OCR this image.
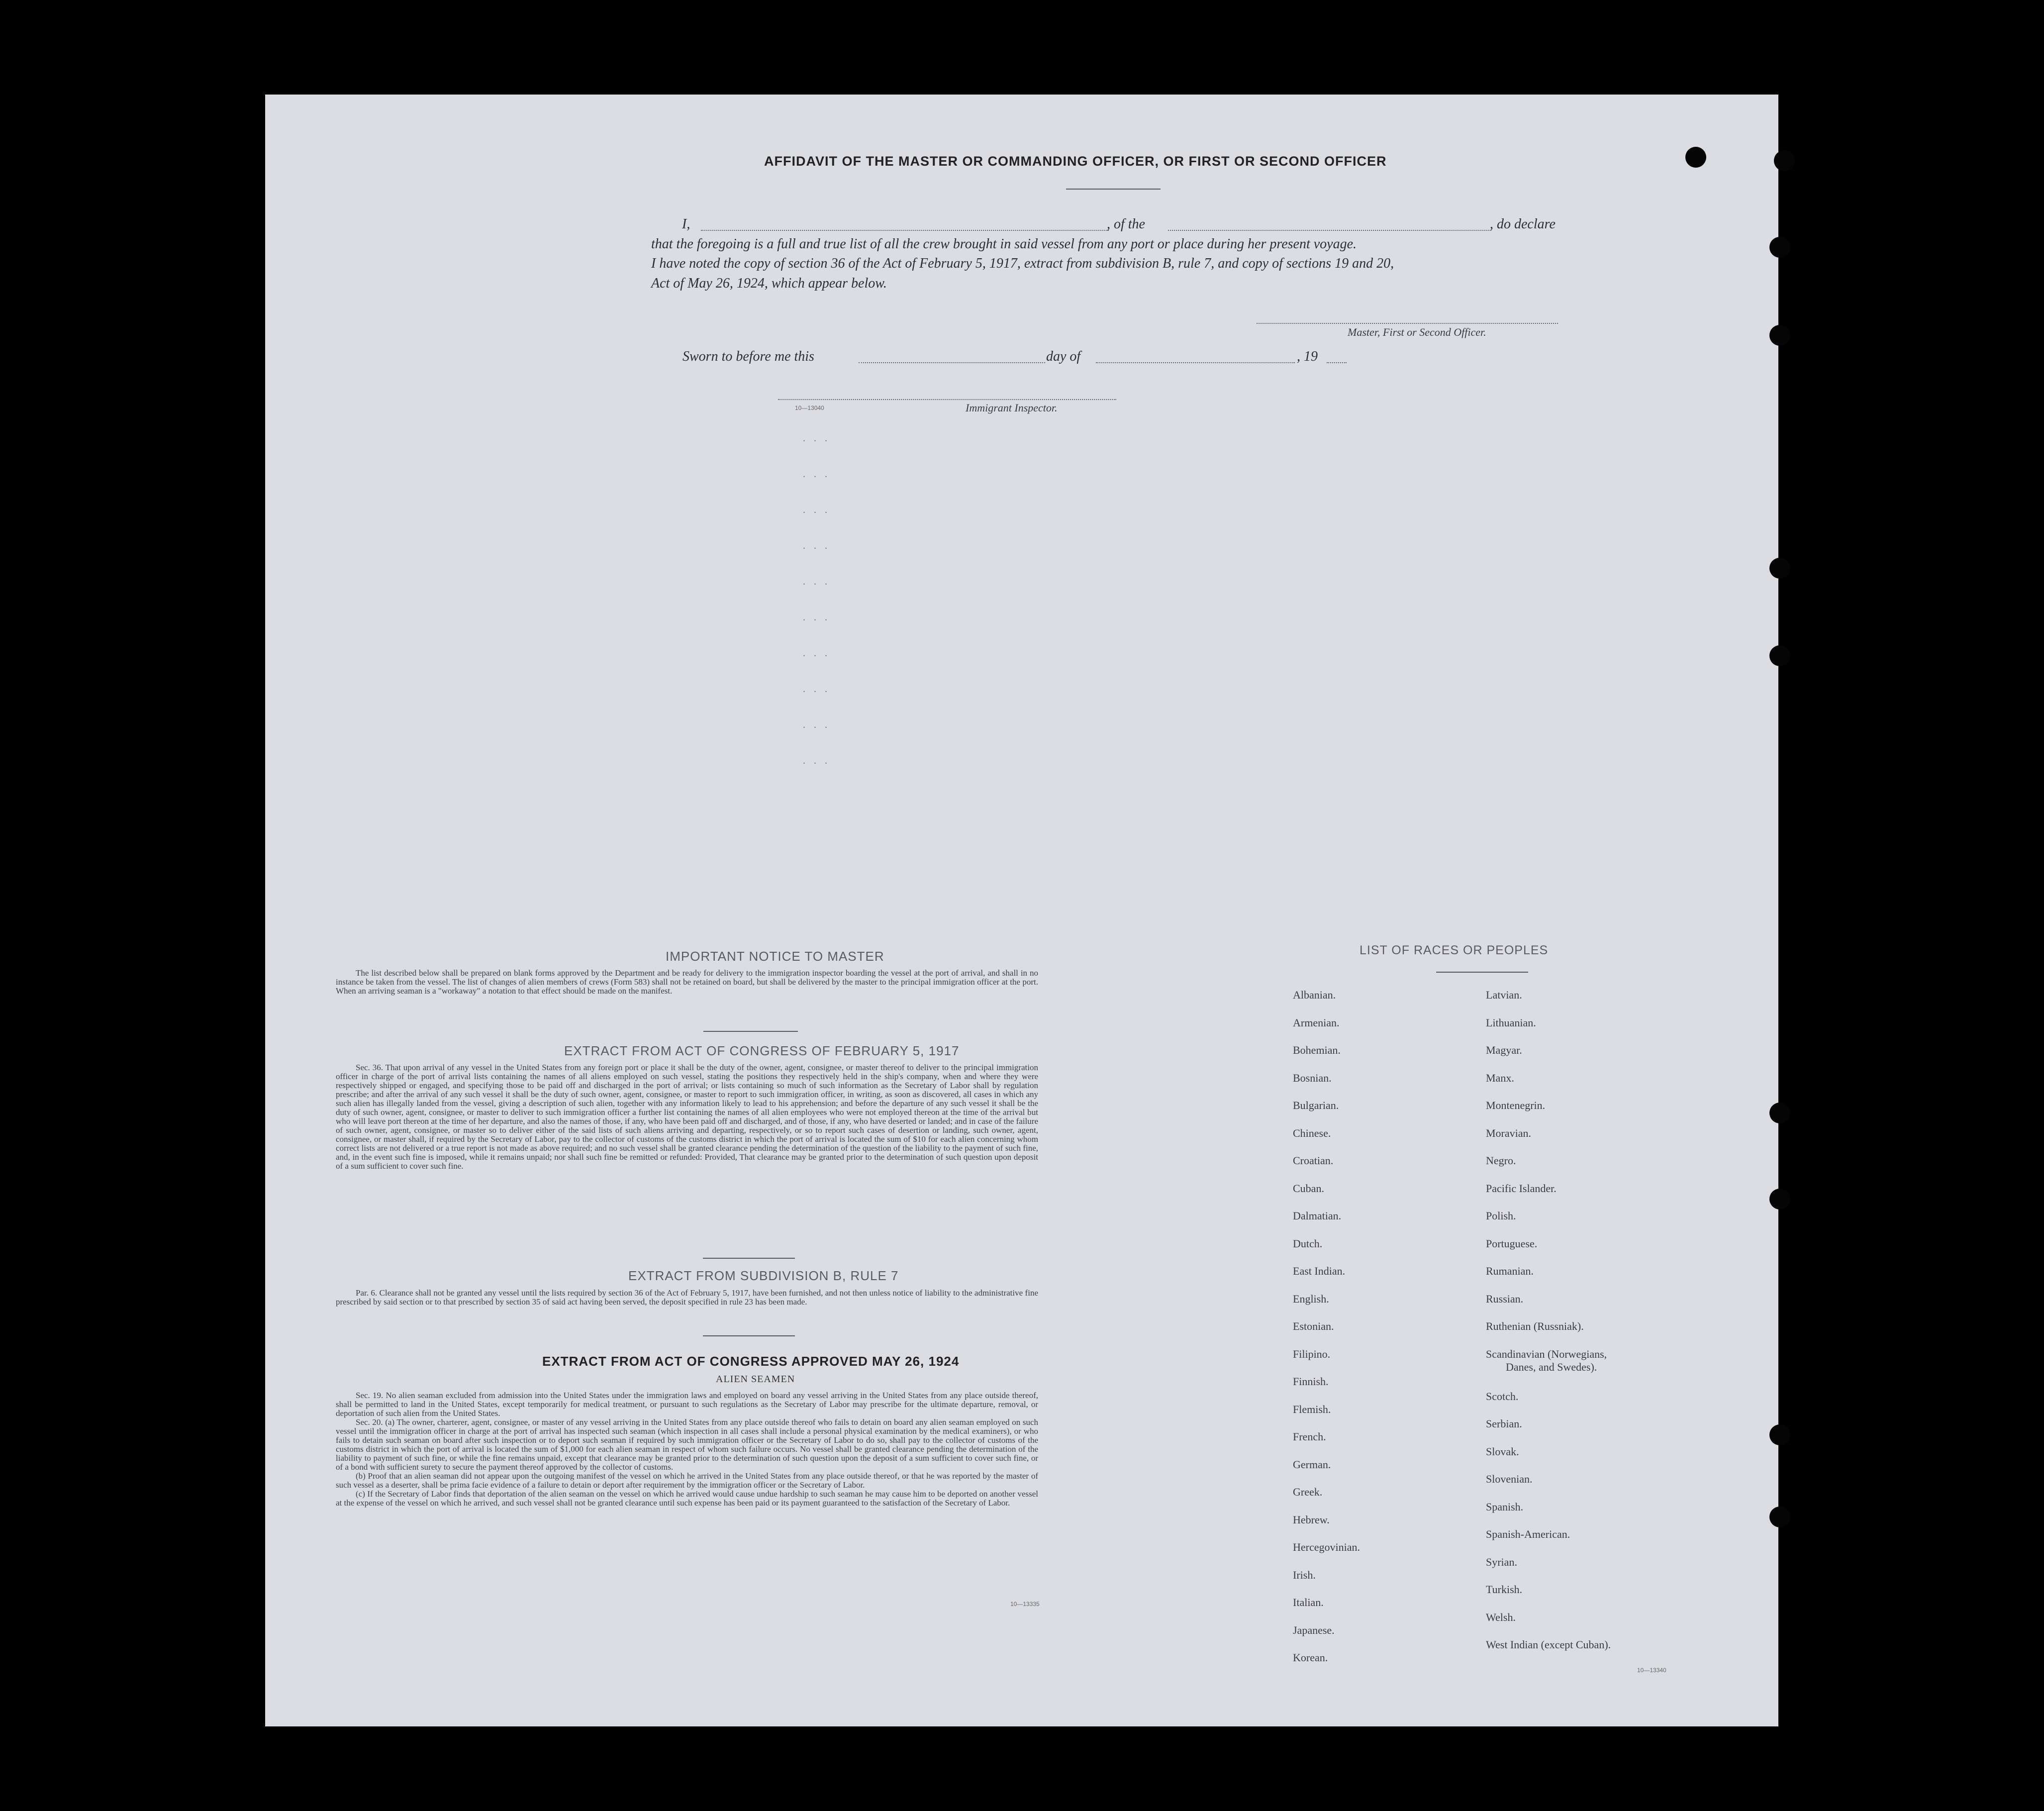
AFFIDAVIT OF THE MASTER OR COMMANDING OFFICER, OR FIRST OR SECOND OFFICER
I,	, of the	, do declare
that the foregoing is a full and true list of all the crew brought in said vessel from any port or place during her present voyage.
I have noted the copy of section 36 of the Act of February 5, 1917, extract from subdivision B, rule 7, and copy of sections 19 and 20,
Act of May 26, 1924, which appear below.
Master, First or Second Officer.
Sworn to before me this	day of	, 19
10—13040	Immigrant Inspector.
. . .
. . .
. . .
. . .
. . .
. . .
. . .
. . .
. . .
. . .
IMPORTANT NOTICE TO MASTER

The list described below shall be prepared on blank forms approved by the Department and be ready for delivery to the immigration inspector boarding the vessel at the port of arrival, and shall in no instance be taken from the vessel. The list of changes of alien members of crews (Form 583) shall not be retained on board, but shall be delivered by the master to the principal immigration officer at the port. When an arriving seaman is a "workaway" a notation to that effect should be made on the manifest.

EXTRACT FROM ACT OF CONGRESS OF FEBRUARY 5, 1917

Sec. 36. That upon arrival of any vessel in the United States from any foreign port or place it shall be the duty of the owner, agent, consignee, or master thereof to deliver to the principal immigration officer in charge of the port of arrival lists containing the names of all aliens employed on such vessel, stating the positions they respectively held in the ship's company, when and where they were respectively shipped or engaged, and specifying those to be paid off and discharged in the port of arrival; or lists containing so much of such information as the Secretary of Labor shall by regulation prescribe; and after the arrival of any such vessel it shall be the duty of such owner, agent, consignee, or master to report to such immigration officer, in writing, as soon as discovered, all cases in which any such alien has illegally landed from the vessel, giving a description of such alien, together with any information likely to lead to his apprehension; and before the departure of any such vessel it shall be the duty of such owner, agent, consignee, or master to deliver to such immigration officer a further list containing the names of all alien employees who were not employed thereon at the time of the arrival but who will leave port thereon at the time of her departure, and also the names of those, if any, who have been paid off and discharged, and of those, if any, who have deserted or landed; and in case of the failure of such owner, agent, consignee, or master so to deliver either of the said lists of such aliens arriving and departing, respectively, or so to report such cases of desertion or landing, such owner, agent, consignee, or master shall, if required by the Secretary of Labor, pay to the collector of customs of the customs district in which the port of arrival is located the sum of $10 for each alien concerning whom correct lists are not delivered or a true report is not made as above required; and no such vessel shall be granted clearance pending the determination of the question of the liability to the payment of such fine, and, in the event such fine is imposed, while it remains unpaid; nor shall such fine be remitted or refunded: Provided, That clearance may be granted prior to the determination of such question upon deposit of a sum sufficient to cover such fine.

EXTRACT FROM SUBDIVISION B, RULE 7

Par. 6. Clearance shall not be granted any vessel until the lists required by section 36 of the Act of February 5, 1917, have been furnished, and not then unless notice of liability to the administrative fine prescribed by said section or to that prescribed by section 35 of said act having been served, the deposit specified in rule 23 has been made.

EXTRACT FROM ACT OF CONGRESS APPROVED MAY 26, 1924
ALIEN SEAMEN

Sec. 19. No alien seaman excluded from admission into the United States under the immigration laws and employed on board any vessel arriving in the United States from any place outside thereof, shall be permitted to land in the United States, except temporarily for medical treatment, or pursuant to such regulations as the Secretary of Labor may prescribe for the ultimate departure, removal, or deportation of such alien from the United States.

Sec. 20. (a) The owner, charterer, agent, consignee, or master of any vessel arriving in the United States from any place outside thereof who fails to detain on board any alien seaman employed on such vessel until the immigration officer in charge at the port of arrival has inspected such seaman (which inspection in all cases shall include a personal physical examination by the medical examiners), or who fails to detain such seaman on board after such inspection or to deport such seaman if required by such immigration officer or the Secretary of Labor to do so, shall pay to the collector of customs of the customs district in which the port of arrival is located the sum of $1,000 for each alien seaman in respect of whom such failure occurs. No vessel shall be granted clearance pending the determination of the liability to payment of such fine, or while the fine remains unpaid, except that clearance may be granted prior to the determination of such question upon the deposit of a sum sufficient to cover such fine, or of a bond with sufficient surety to secure the payment thereof approved by the collector of customs.

(b) Proof that an alien seaman did not appear upon the outgoing manifest of the vessel on which he arrived in the United States from any place outside thereof, or that he was reported by the master of such vessel as a deserter, shall be prima facie evidence of a failure to detain or deport after requirement by the immigration officer or the Secretary of Labor.

(c) If the Secretary of Labor finds that deportation of the alien seaman on the vessel on which he arrived would cause undue hardship to such seaman he may cause him to be deported on another vessel at the expense of the vessel on which he arrived, and such vessel shall not be granted clearance until such expense has been paid or its payment guaranteed to the satisfaction of the Secretary of Labor.

10—13335
LIST OF RACES OR PEOPLES
Albanian.
Armenian.
Bohemian.
Bosnian.
Bulgarian.
Chinese.
Croatian.
Cuban.
Dalmatian.
Dutch.
East Indian.
English.
Estonian.
Filipino.
Finnish.
Flemish.
French.
German.
Greek.
Hebrew.
Hercegovinian.
Irish.
Italian.
Japanese.
Korean.
Latvian.
Lithuanian.
Magyar.
Manx.
Montenegrin.
Moravian.
Negro.
Pacific Islander.
Polish.
Portuguese.
Rumanian.
Russian.
Ruthenian (Russniak).
Scandinavian (Norwegians,
Danes, and Swedes).
Scotch.
Serbian.
Slovak.
Slovenian.
Spanish.
Spanish-American.
Syrian.
Turkish.
Welsh.
West Indian (except Cuban).
10—13340
